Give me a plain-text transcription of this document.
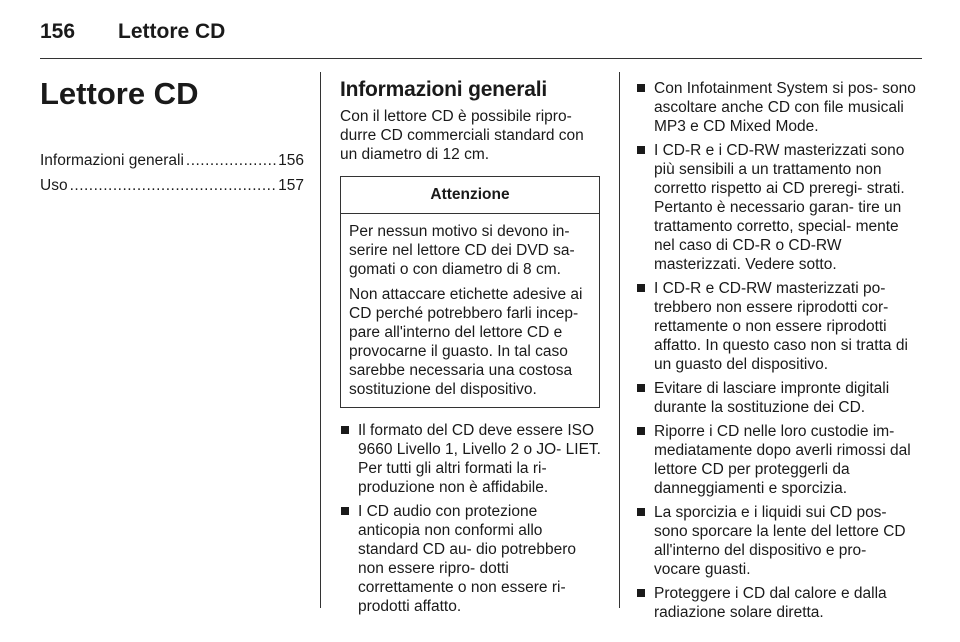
156 Lettore CD
Lettore CD
Informazioni generali .....	156
Uso .....	157
Informazioni generali

Con il lettore CD è possibile ripro- durre CD commerciali standard con un diametro di 12 cm.

Attenzione

Per nessun motivo si devono in- serire nel lettore CD dei DVD sa- gomati o con diametro di 8 cm.

Non attaccare etichette adesive ai CD perché potrebbero farli incep- pare all'interno del lettore CD e provocarne il guasto. In tal caso sarebbe necessaria una costosa sostituzione del dispositivo.

Il formato del CD deve essere ISO 9660 Livello 1, Livello 2 o JO- LIET. Per tutti gli altri formati la ri- produzione non è affidabile.
I CD audio con protezione anticopia non conformi allo standard CD au- dio potrebbero non essere ripro- dotti correttamente o non essere ri- prodotti affatto.
Con Infotainment System si pos- sono ascoltare anche CD con file musicali MP3 e CD Mixed Mode.
I CD-R e i CD-RW masterizzati sono più sensibili a un trattamento non corretto rispetto ai CD preregi- strati. Pertanto è necessario garan- tire un trattamento corretto, special- mente nel caso di CD-R o CD-RW masterizzati. Vedere sotto.
I CD-R e CD-RW masterizzati po- trebbero non essere riprodotti cor- rettamente o non essere riprodotti affatto. In questo caso non si tratta di un guasto del dispositivo.
Evitare di lasciare impronte digitali durante la sostituzione dei CD.
Riporre i CD nelle loro custodie im- mediatamente dopo averli rimossi dal lettore CD per proteggerli da danneggiamenti e sporcizia.
La sporcizia e i liquidi sui CD pos- sono sporcare la lente del lettore CD all'interno del dispositivo e pro- vocare guasti.
Proteggere i CD dal calore e dalla radiazione solare diretta.
